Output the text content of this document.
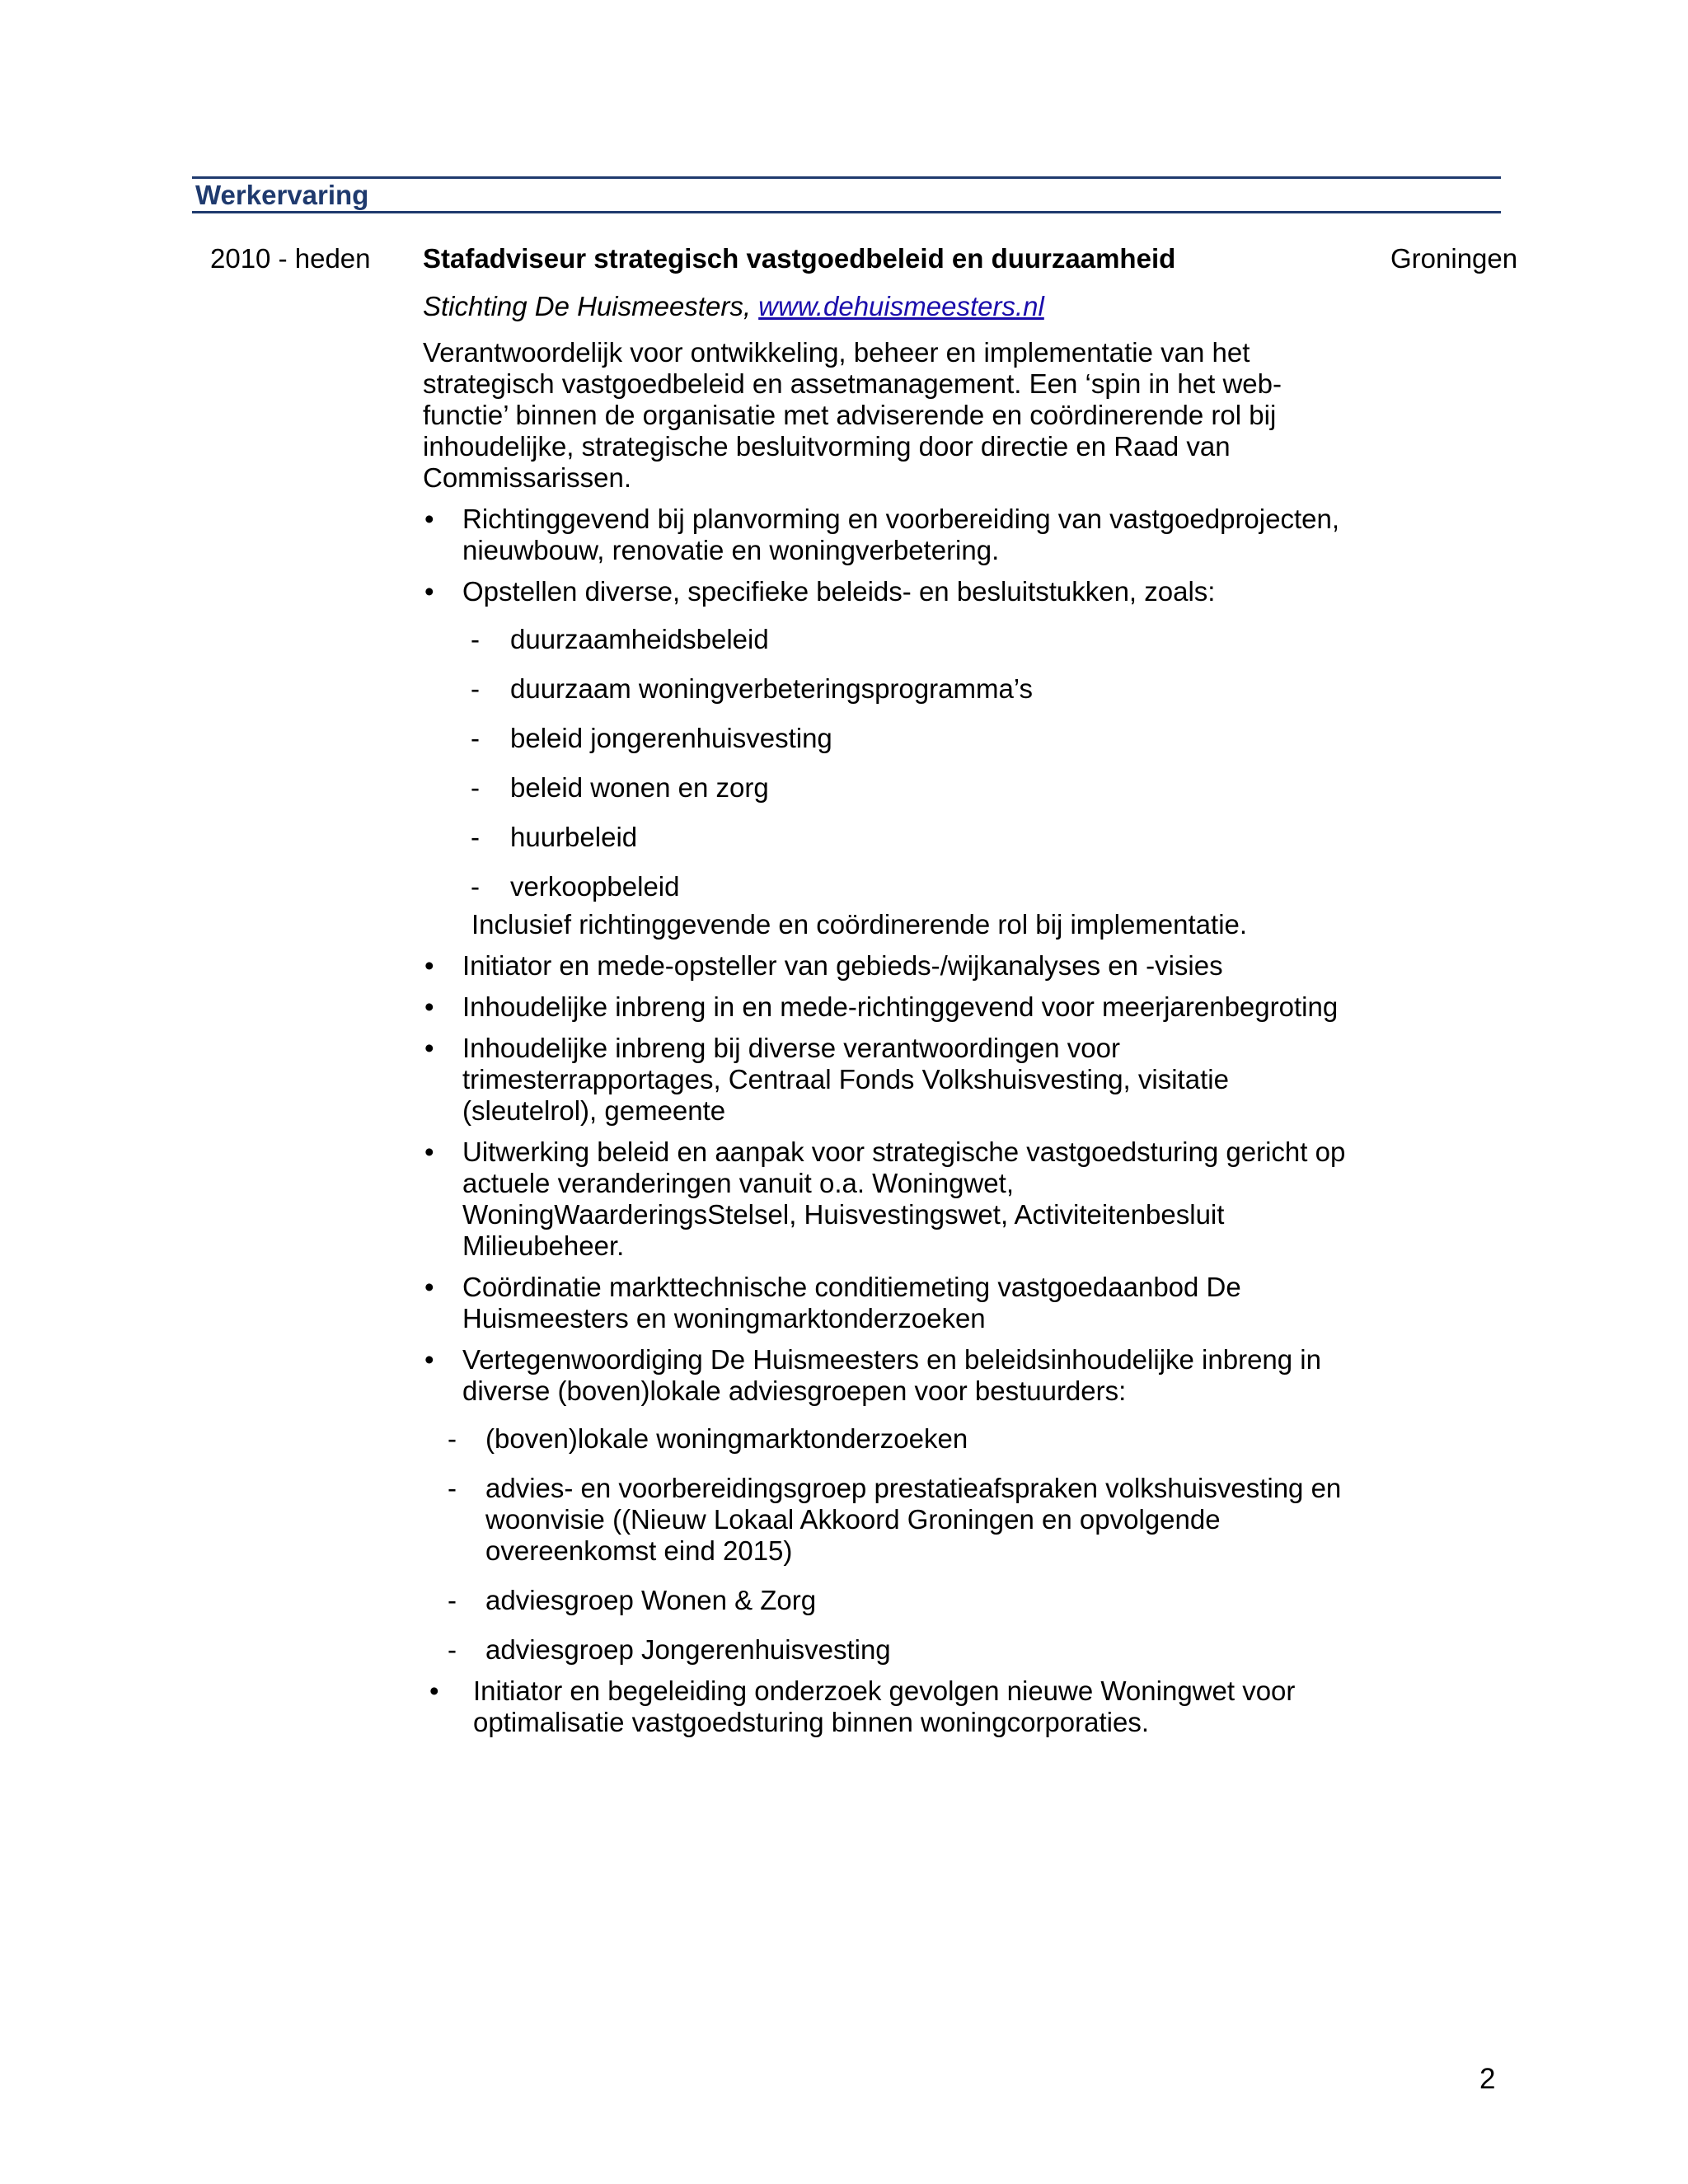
Werkervaring
2010 - heden	Groningen

Stafadviseur strategisch vastgoedbeleid en duurzaamheid

Stichting De Huismeesters, www.dehuismeesters.nl

Verantwoordelijk voor ontwikkeling, beheer en implementatie van het strategisch vastgoedbeleid en assetmanagement. Een ‘spin in het web-functie’ binnen de organisatie met adviserende en coördinerende rol bij inhoudelijke, strategische besluitvorming door directie en Raad van Commissarissen.

• Richtinggevend bij planvorming en voorbereiding van vastgoedprojecten, nieuwbouw, renovatie en woningverbetering.
• Opstellen diverse, specifieke beleids- en besluitstukken, zoals:
- duurzaamheidsbeleid
- duurzaam woningverbeteringsprogramma’s
- beleid jongerenhuisvesting
- beleid wonen en zorg
- huurbeleid
- verkoopbeleid
Inclusief richtinggevende en coördinerende rol bij implementatie.
• Initiator en mede-opsteller van gebieds-/wijkanalyses en -visies
• Inhoudelijke inbreng in en mede-richtinggevend voor meerjarenbegroting
• Inhoudelijke inbreng bij diverse verantwoordingen voor trimesterrapportages, Centraal Fonds Volkshuisvesting, visitatie (sleutelrol), gemeente
• Uitwerking beleid en aanpak voor strategische vastgoedsturing gericht op actuele veranderingen vanuit o.a. Woningwet, WoningWaarderingsStelsel, Huisvestingswet, Activiteitenbesluit Milieubeheer.
• Coördinatie markttechnische conditiemeting vastgoedaanbod De Huismeesters en woningmarktonderzoeken
• Vertegenwoordiging De Huismeesters en beleidsinhoudelijke inbreng in diverse (boven)lokale adviesgroepen voor bestuurders:
- (boven)lokale woningmarktonderzoeken
- advies- en voorbereidingsgroep prestatieafspraken volkshuisvesting en woonvisie ((Nieuw Lokaal Akkoord Groningen en opvolgende overeenkomst eind 2015)
- adviesgroep Wonen & Zorg
- adviesgroep Jongerenhuisvesting
• Initiator en begeleiding onderzoek gevolgen nieuwe Woningwet voor optimalisatie vastgoedsturing binnen woningcorporaties.
2
